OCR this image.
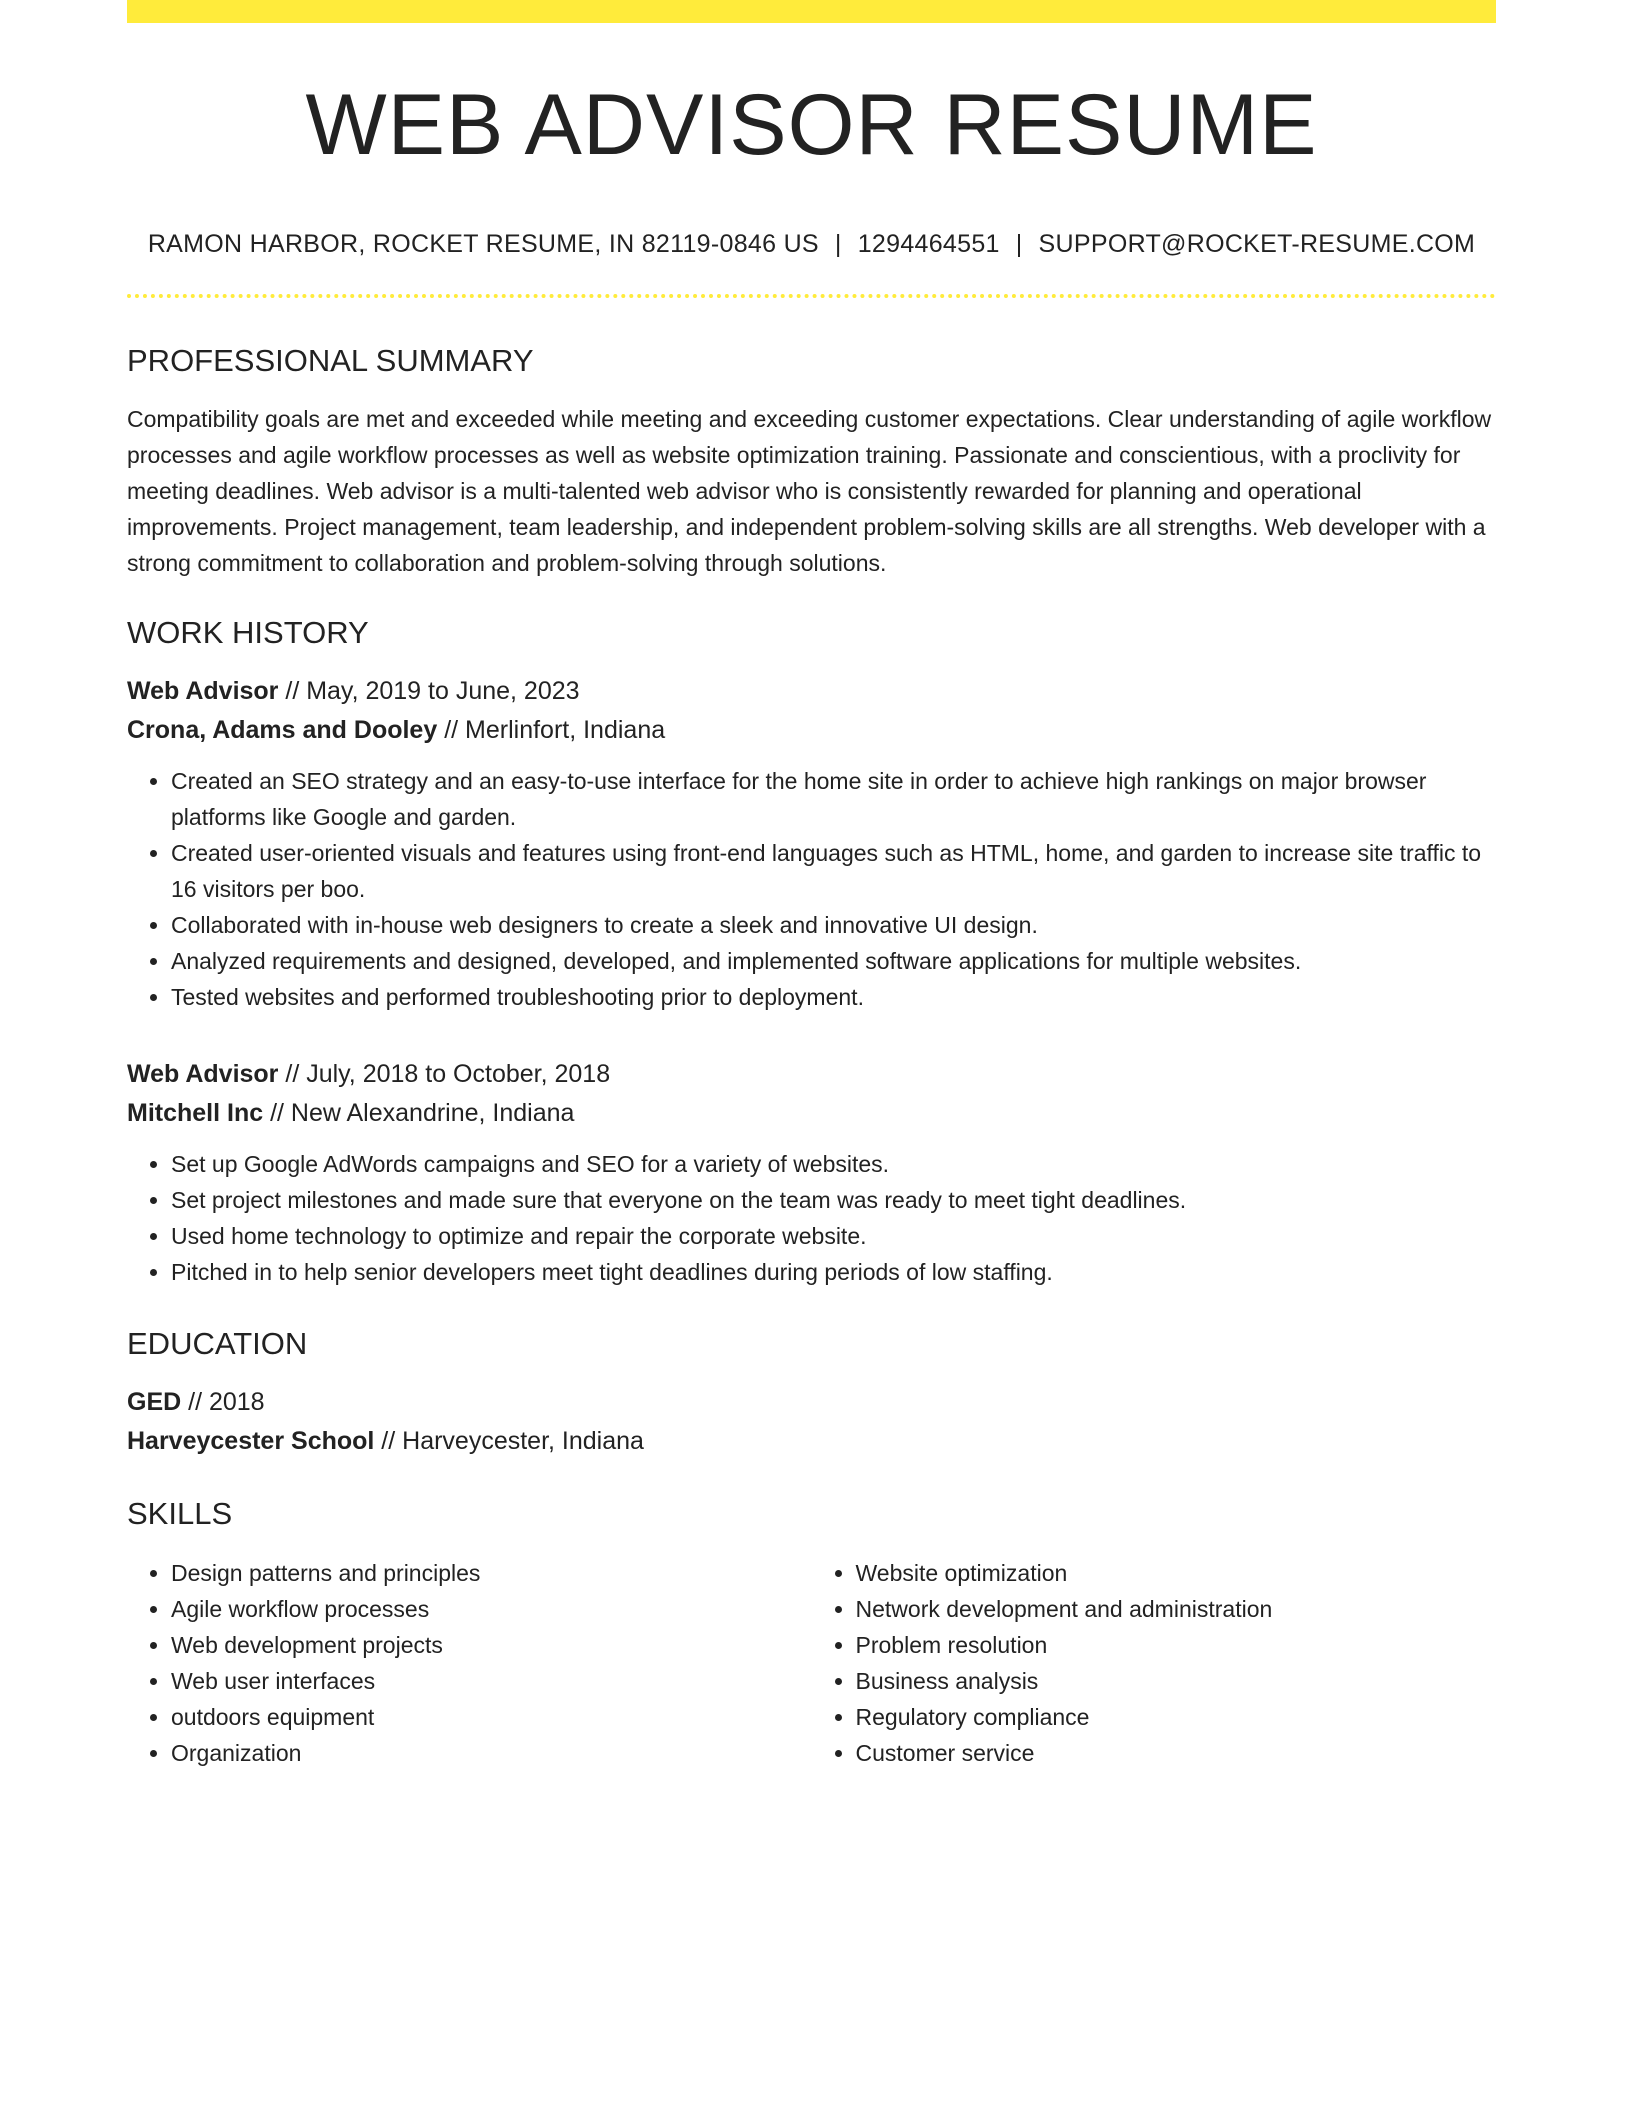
WEB ADVISOR RESUME
RAMON HARBOR, ROCKET RESUME, IN 82119-0846 US | 1294464551 | SUPPORT@ROCKET-RESUME.COM
PROFESSIONAL SUMMARY

Compatibility goals are met and exceeded while meeting and exceeding customer expectations. Clear understanding of agile workflow processes and agile workflow processes as well as website optimization training. Passionate and conscientious, with a proclivity for meeting deadlines. Web advisor is a multi-talented web advisor who is consistently rewarded for planning and operational improvements. Project management, team leadership, and independent problem-solving skills are all strengths. Web developer with a strong commitment to collaboration and problem-solving through solutions.

WORK HISTORY
Web Advisor // May, 2019 to June, 2023
Crona, Adams and Dooley // Merlinfort, Indiana
• Created an SEO strategy and an easy-to-use interface for the home site in order to achieve high rankings on major browser platforms like Google and garden.
• Created user-oriented visuals and features using front-end languages such as HTML, home, and garden to increase site traffic to 16 visitors per boo.
• Collaborated with in-house web designers to create a sleek and innovative UI design.
• Analyzed requirements and designed, developed, and implemented software applications for multiple websites.
• Tested websites and performed troubleshooting prior to deployment.
Web Advisor // July, 2018 to October, 2018
Mitchell Inc // New Alexandrine, Indiana
• Set up Google AdWords campaigns and SEO for a variety of websites.
• Set project milestones and made sure that everyone on the team was ready to meet tight deadlines.
• Used home technology to optimize and repair the corporate website.
• Pitched in to help senior developers meet tight deadlines during periods of low staffing.
EDUCATION
GED // 2018
Harveycester School // Harveycester, Indiana
SKILLS
• Design patterns and principles
• Agile workflow processes
• Web development projects
• Web user interfaces
• outdoors equipment
• Organization
• Website optimization
• Network development and administration
• Problem resolution
• Business analysis
• Regulatory compliance
• Customer service
